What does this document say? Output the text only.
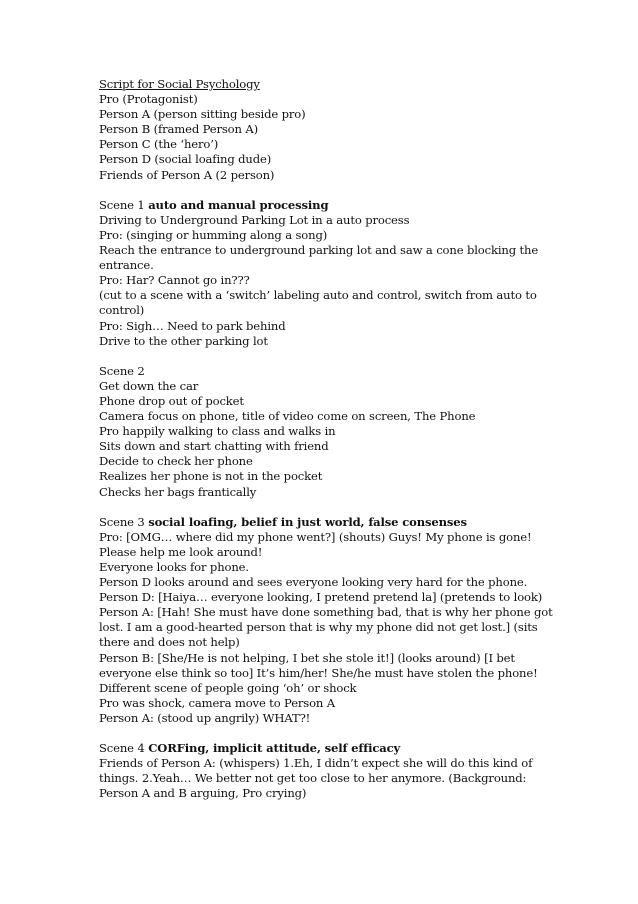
Script for Social Psychology
Pro (Protagonist)
Person A (person sitting beside pro)
Person B (framed Person A)
Person C (the ‘hero’)
Person D (social loafing dude)
Friends of Person A (2 person)
Scene 1 auto and manual processing
Driving to Underground Parking Lot in a auto process
Pro: (singing or humming along a song)
Reach the entrance to underground parking lot and saw a cone blocking the
entrance.
Pro: Har? Cannot go in???
(cut to a scene with a ‘switch’ labeling auto and control, switch from auto to
control)
Pro: Sigh… Need to park behind
Drive to the other parking lot
Scene 2
Get down the car
Phone drop out of pocket
Camera focus on phone, title of video come on screen, The Phone
Pro happily walking to class and walks in
Sits down and start chatting with friend
Decide to check her phone
Realizes her phone is not in the pocket
Checks her bags frantically
Scene 3 social loafing, belief in just world, false consenses
Pro: [OMG… where did my phone went?] (shouts) Guys! My phone is gone!
Please help me look around!
Everyone looks for phone.
Person D looks around and sees everyone looking very hard for the phone.
Person D: [Haiya… everyone looking, I pretend pretend la] (pretends to look)
Person A: [Hah! She must have done something bad, that is why her phone got
lost. I am a good-hearted person that is why my phone did not get lost.] (sits
there and does not help)
Person B: [She/He is not helping, I bet she stole it!] (looks around) [I bet
everyone else think so too] It’s him/her! She/he must have stolen the phone!
Different scene of people going ‘oh’ or shock
Pro was shock, camera move to Person A
Person A: (stood up angrily) WHAT?!
Scene 4 CORFing, implicit attitude, self efficacy
Friends of Person A: (whispers) 1.Eh, I didn’t expect she will do this kind of
things. 2.Yeah… We better not get too close to her anymore. (Background:
Person A and B arguing, Pro crying)
